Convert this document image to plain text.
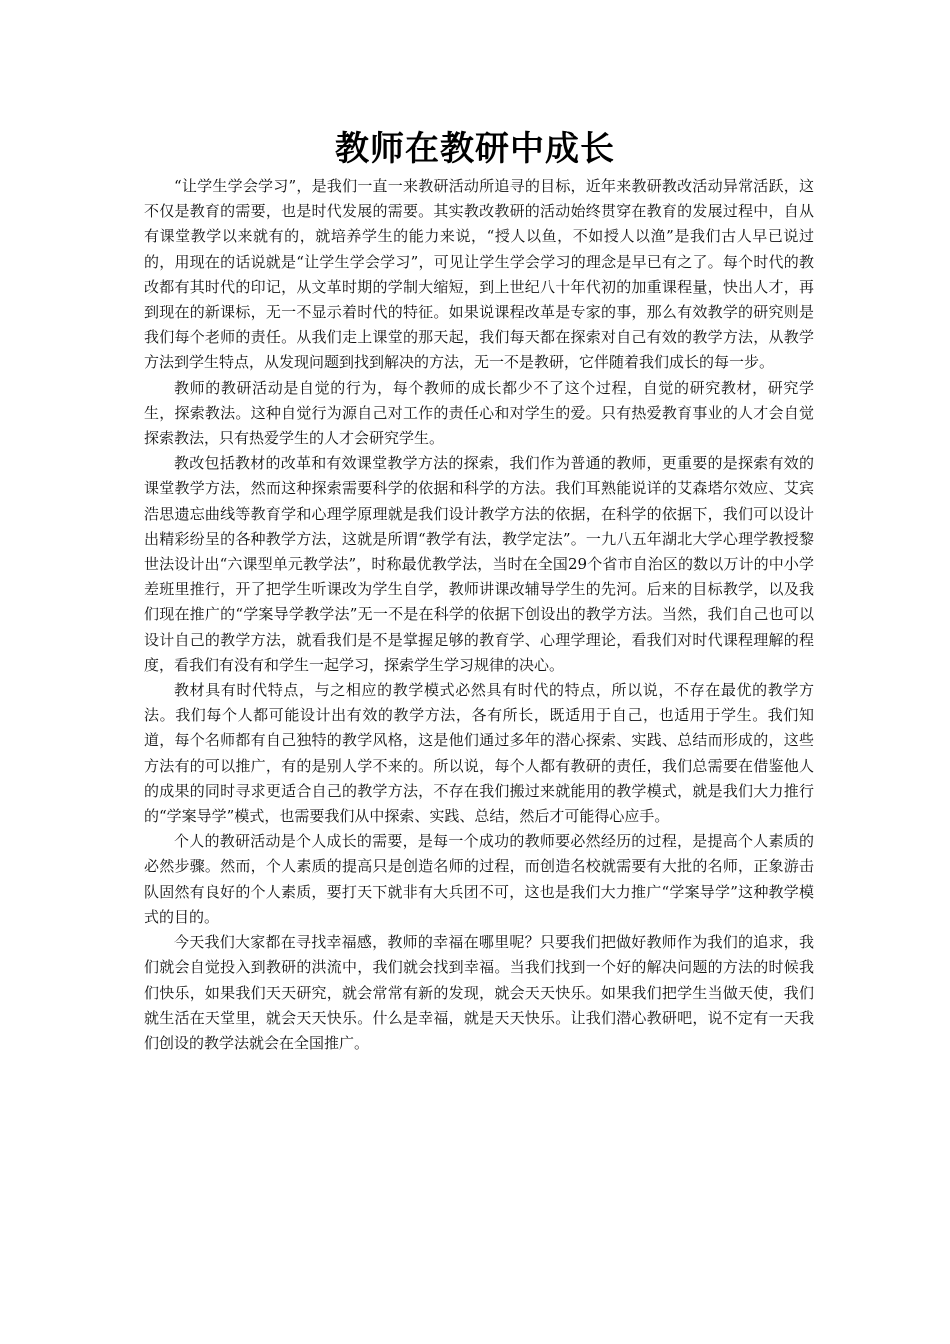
教师在教研中成长

“让学生学会学习”，是我们一直一来教研活动所追寻的目标，近年来教研教改活动异常活跃，这不仅是教育的需要，也是时代发展的需要。其实教改教研的活动始终贯穿在教育的发展过程中，自从有课堂教学以来就有的，就培养学生的能力来说，“授人以鱼，不如授人以渔”是我们古人早已说过的，用现在的话说就是“让学生学会学习”，可见让学生学会学习的理念是早已有之了。每个时代的教改都有其时代的印记，从文革时期的学制大缩短，到上世纪八十年代初的加重课程量，快出人才，再到现在的新课标，无一不显示着时代的特征。如果说课程改革是专家的事，那么有效教学的研究则是我们每个老师的责任。从我们走上课堂的那天起，我们每天都在探索对自己有效的教学方法，从教学方法到学生特点，从发现问题到找到解决的方法，无一不是教研，它伴随着我们成长的每一步。

教师的教研活动是自觉的行为，每个教师的成长都少不了这个过程，自觉的研究教材，研究学生，探索教法。这种自觉行为源自己对工作的责任心和对学生的爱。只有热爱教育事业的人才会自觉探索教法，只有热爱学生的人才会研究学生。

教改包括教材的改革和有效课堂教学方法的探索，我们作为普通的教师，更重要的是探索有效的课堂教学方法，然而这种探索需要科学的依据和科学的方法。我们耳熟能说详的艾森塔尔效应、艾宾浩思遗忘曲线等教育学和心理学原理就是我们设计教学方法的依据，在科学的依据下，我们可以设计出精彩纷呈的各种教学方法，这就是所谓“教学有法，教学定法”。一九八五年湖北大学心理学教授黎世法设计出“六课型单元教学法”，时称最优教学法，当时在全国29个省市自治区的数以万计的中小学差班里推行，开了把学生听课改为学生自学，教师讲课改辅导学生的先河。后来的目标教学，以及我们现在推广的“学案导学教学法”无一不是在科学的依据下创设出的教学方法。当然，我们自己也可以设计自己的教学方法，就看我们是不是掌握足够的教育学、心理学理论，看我们对时代课程理解的程度，看我们有没有和学生一起学习，探索学生学习规律的决心。

教材具有时代特点，与之相应的教学模式必然具有时代的特点，所以说，不存在最优的教学方法。我们每个人都可能设计出有效的教学方法，各有所长，既适用于自己，也适用于学生。我们知道，每个名师都有自己独特的教学风格，这是他们通过多年的潜心探索、实践、总结而形成的，这些方法有的可以推广，有的是别人学不来的。所以说，每个人都有教研的责任，我们总需要在借鉴他人的成果的同时寻求更适合自己的教学方法，不存在我们搬过来就能用的教学模式，就是我们大力推行的“学案导学”模式，也需要我们从中探索、实践、总结，然后才可能得心应手。

个人的教研活动是个人成长的需要，是每一个成功的教师要必然经历的过程，是提高个人素质的必然步骤。然而，个人素质的提高只是创造名师的过程，而创造名校就需要有大批的名师，正象游击队固然有良好的个人素质，要打天下就非有大兵团不可，这也是我们大力推广“学案导学”这种教学模式的目的。

今天我们大家都在寻找幸福感，教师的幸福在哪里呢？只要我们把做好教师作为我们的追求，我们就会自觉投入到教研的洪流中，我们就会找到幸福。当我们找到一个好的解决问题的方法的时候我们快乐，如果我们天天研究，就会常常有新的发现，就会天天快乐。如果我们把学生当做天使，我们就生活在天堂里，就会天天快乐。什么是幸福，就是天天快乐。让我们潜心教研吧，说不定有一天我们创设的教学法就会在全国推广。
